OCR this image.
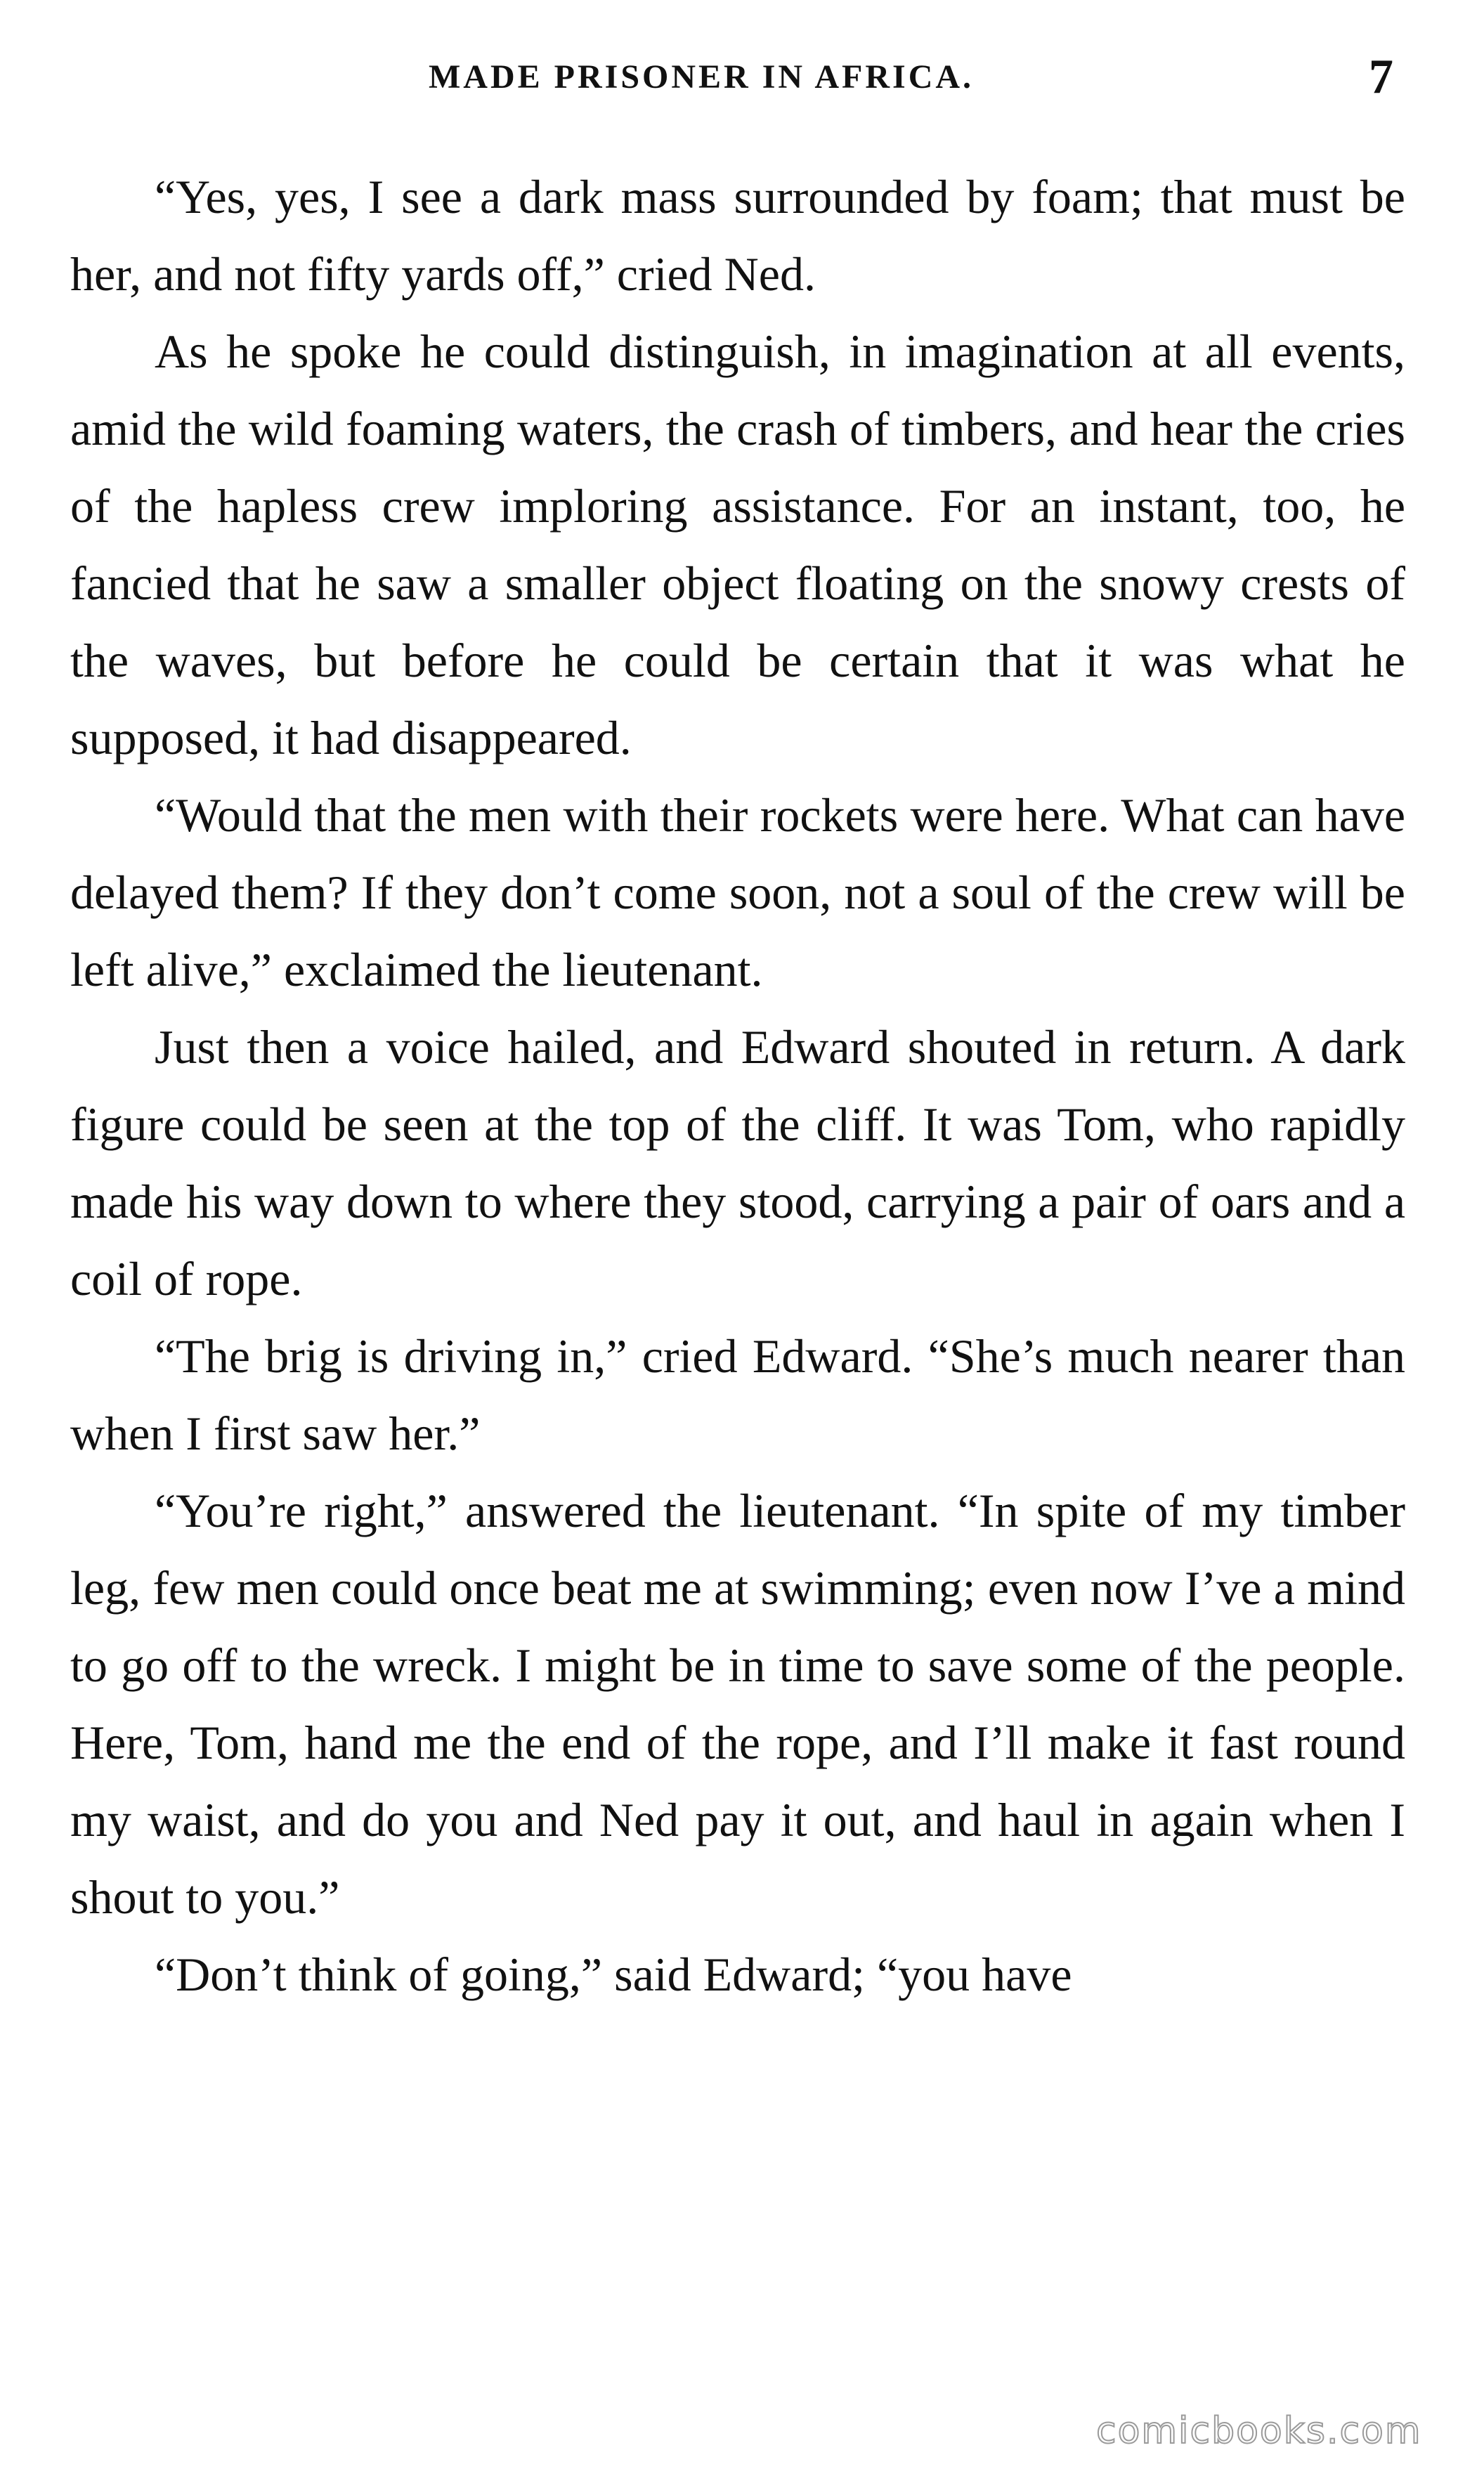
MADE PRISONER IN AFRICA.	7

“Yes, yes, I see a dark mass surrounded by foam; that must be her, and not fifty yards off,” cried Ned.

As he spoke he could distinguish, in imagination at all events, amid the wild foaming waters, the crash of timbers, and hear the cries of the hapless crew imploring assistance. For an instant, too, he fancied that he saw a smaller object floating on the snowy crests of the waves, but before he could be certain that it was what he supposed, it had disappeared.

“Would that the men with their rockets were here. What can have delayed them? If they don’t come soon, not a soul of the crew will be left alive,” exclaimed the lieutenant.

Just then a voice hailed, and Edward shouted in return. A dark figure could be seen at the top of the cliff. It was Tom, who rapidly made his way down to where they stood, carrying a pair of oars and a coil of rope.

“The brig is driving in,” cried Edward. “She’s much nearer than when I first saw her.”

“You’re right,” answered the lieutenant. “In spite of my timber leg, few men could once beat me at swimming; even now I’ve a mind to go off to the wreck. I might be in time to save some of the people. Here, Tom, hand me the end of the rope, and I’ll make it fast round my waist, and do you and Ned pay it out, and haul in again when I shout to you.”

“Don’t think of going,” said Edward; “you have

comicbooks.com
